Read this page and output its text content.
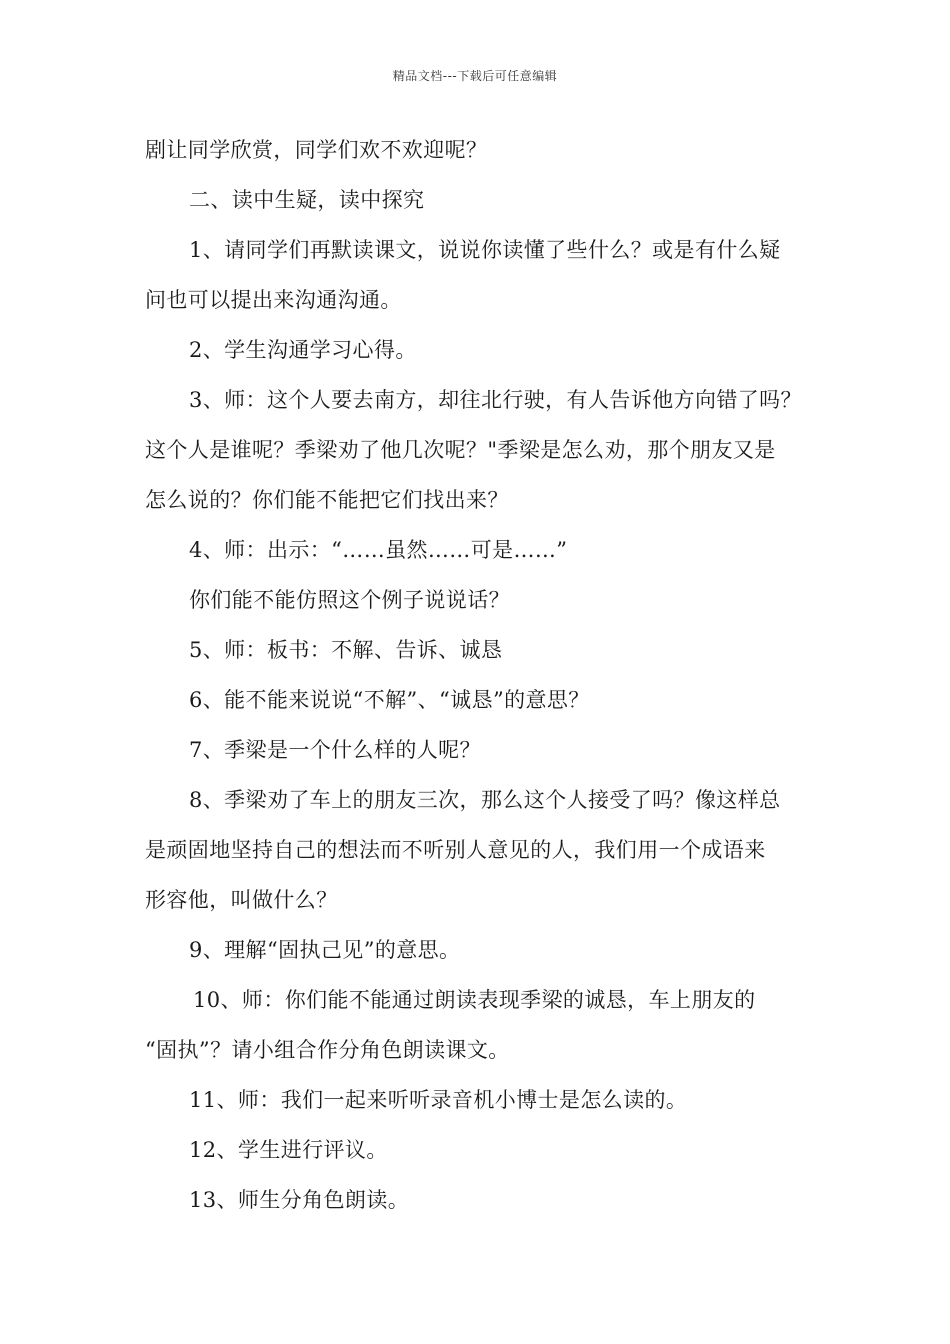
精品文档---下载后可任意编辑
剧让同学欣赏，同学们欢不欢迎呢？
二、读中生疑，读中探究
1、请同学们再默读课文，说说你读懂了些什么？或是有什么疑
问也可以提出来沟通沟通。
2、学生沟通学习心得。
3、师：这个人要去南方，却往北行驶，有人告诉他方向错了吗？
这个人是谁呢？季梁劝了他几次呢？"季梁是怎么劝，那个朋友又是
怎么说的？你们能不能把它们找出来？
4、师：出示：“……虽然……可是……”
你们能不能仿照这个例子说说话？
5、师：板书：不解、告诉、诚恳
6、能不能来说说“不解”、“诚恳”的意思？
7、季梁是一个什么样的人呢？
8、季梁劝了车上的朋友三次，那么这个人接受了吗？像这样总
是顽固地坚持自己的想法而不听别人意见的人，我们用一个成语来
形容他，叫做什么？
9、理解“固执己见”的意思。
10、师：你们能不能通过朗读表现季梁的诚恳，车上朋友的
“固执”？请小组合作分角色朗读课文。
11、师：我们一起来听听录音机小博士是怎么读的。
12、学生进行评议。
13、师生分角色朗读。
